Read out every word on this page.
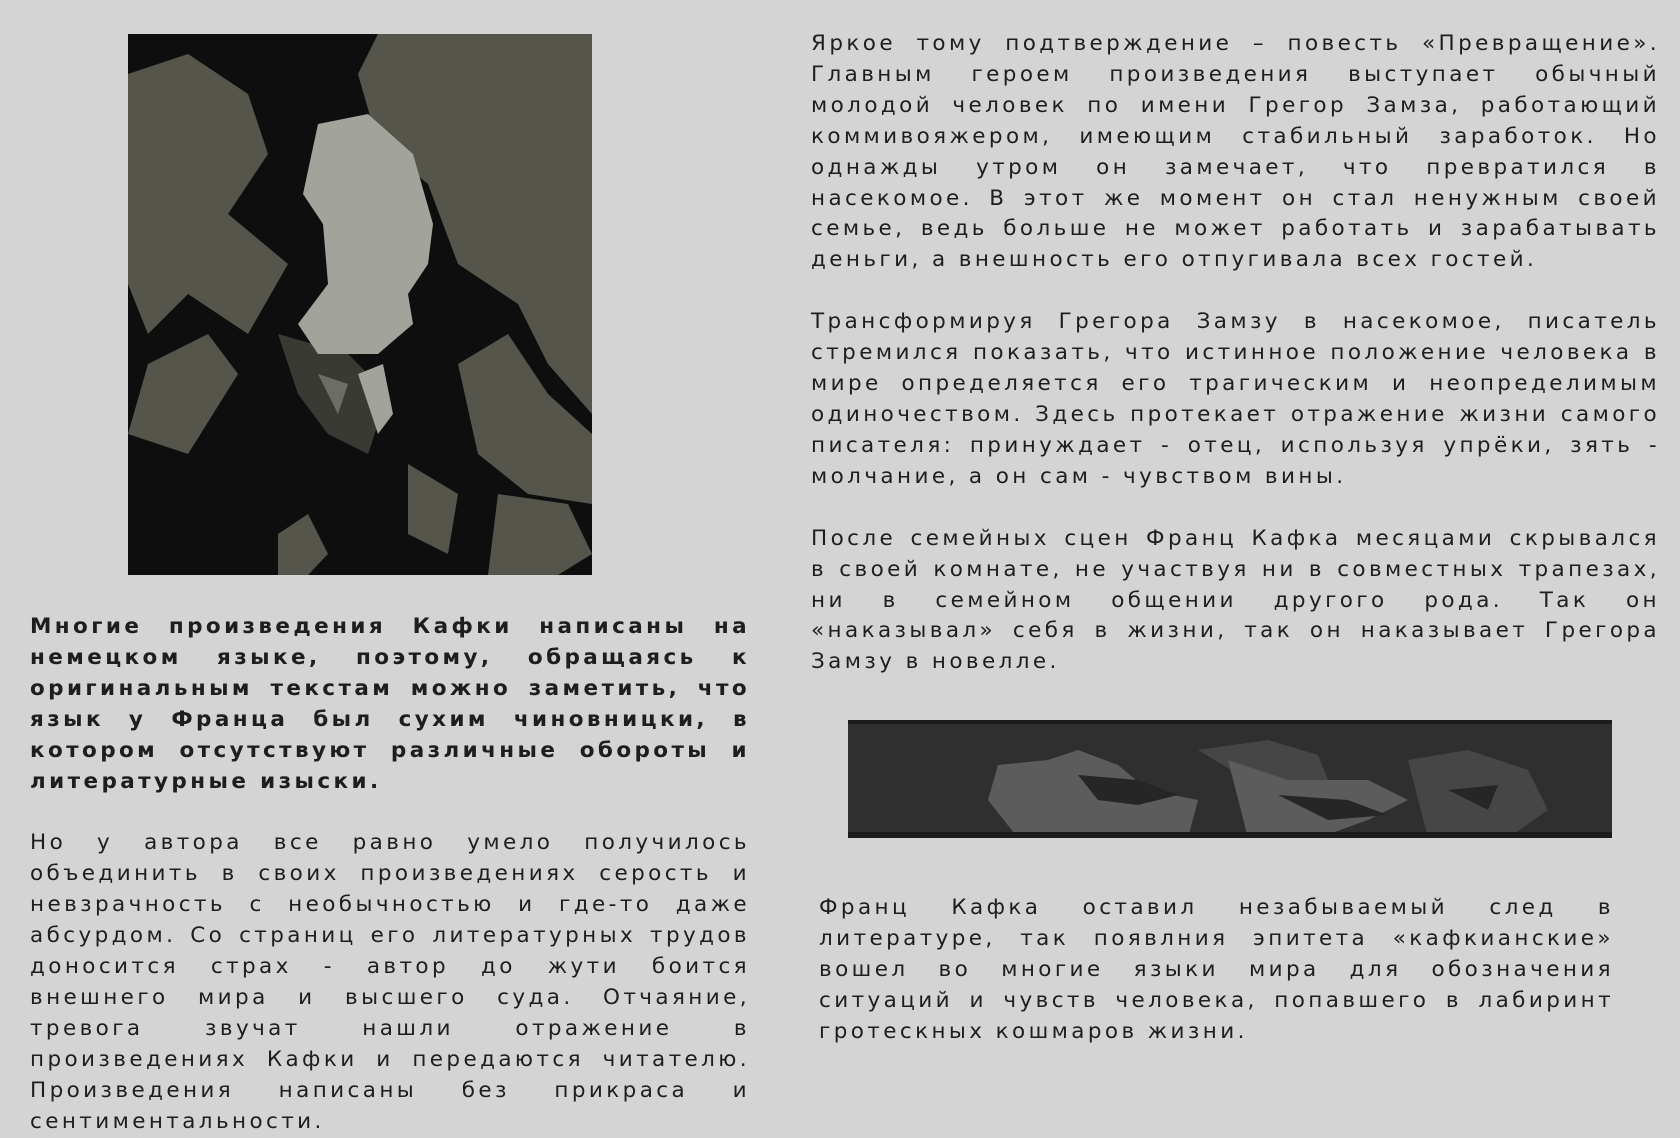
Многие произведения Кафки написаны на немецком языке, поэтому, обращаясь к оригинальным текстам можно заметить, что язык у Франца был сухим чиновницки, в котором отсутствуют различные обороты и литературные изыски.

Но у автора все равно умело получилось объединить в своих произведениях серость и невзрачность с необычностью и где-то даже абсурдом. Со страниц его литературных трудов доносится страх - автор до жути боится внешнего мира и высшего суда. Отчаяние, тревога звучат нашли отражение в произведениях Кафки и передаются читателю. Произведения написаны без прикраса и сентиментальности.

Яркое тому подтверждение – повесть «Превращение». Главным героем произведения выступает обычный молодой человек по имени Грегор Замза, работающий коммивояжером, имеющим стабильный заработок. Но однажды утром он замечает, что превратился в насекомое. В этот же момент он стал ненужным своей семье, ведь больше не может работать и зарабатывать деньги, а внешность его отпугивала всех гостей.

Трансформируя Грегора Замзу в насекомое, писатель стремился показать, что истинное положение человека в мире определяется его трагическим и неопределимым одиночеством. Здесь протекает отражение жизни самого писателя: принуждает - отец, используя упрёки, зять - молчание, а он сам - чувством вины.

После семейных сцен Франц Кафка месяцами скрывался в своей комнате, не участвуя ни в совместных трапезах, ни в семейном общении другого рода. Так он «наказывал» себя в жизни, так он наказывает Грегора Замзу в новелле.

Франц Кафка оставил незабываемый след в литературе, так появлния эпитета «кафкианские» вошел во многие языки мира для обозначения ситуаций и чувств человека, попавшего в лабиринт гротескных кошмаров жизни.
